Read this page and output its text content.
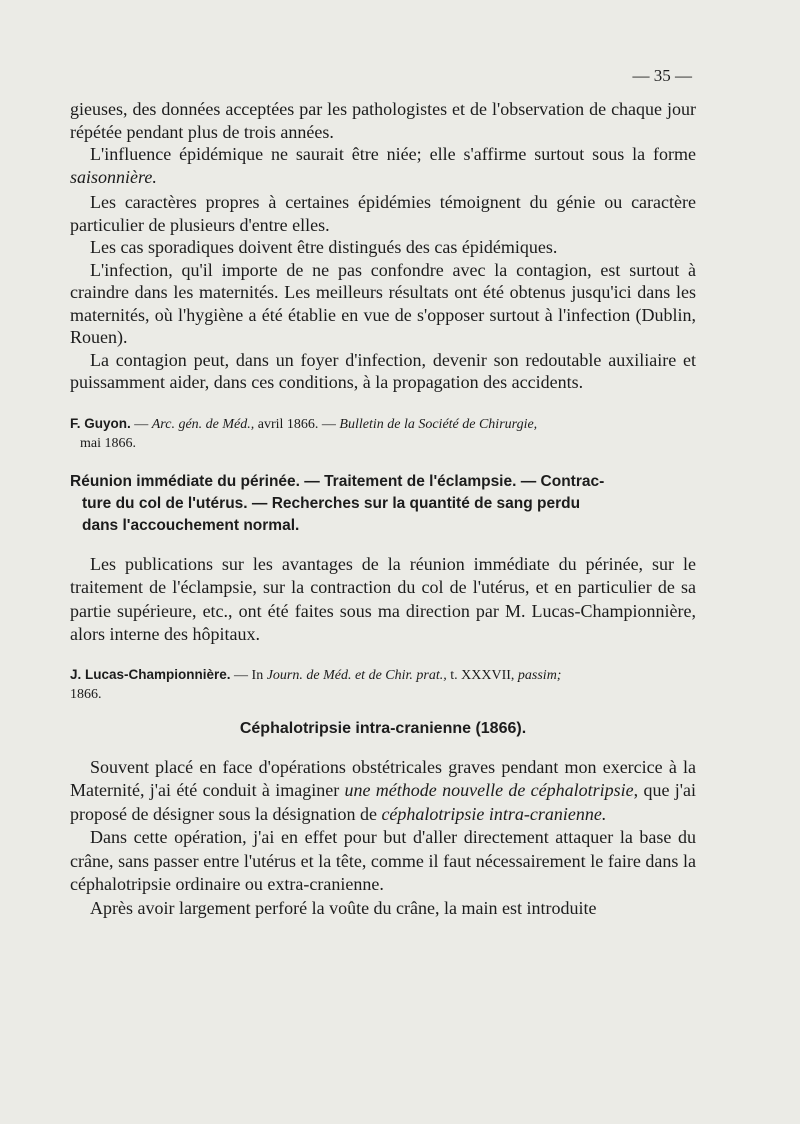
— 35 —

gieuses, des données acceptées par les pathologistes et de l'observation de chaque jour répétée pendant plus de trois années.

L'influence épidémique ne saurait être niée; elle s'affirme surtout sous la forme saisonnière.

Les caractères propres à certaines épidémies témoignent du génie ou caractère particulier de plusieurs d'entre elles.

Les cas sporadiques doivent être distingués des cas épidémiques.

L'infection, qu'il importe de ne pas confondre avec la contagion, est surtout à craindre dans les maternités. Les meilleurs résultats ont été obtenus jusqu'ici dans les maternités, où l'hygiène a été établie en vue de s'opposer surtout à l'infection (Dublin, Rouen).

La contagion peut, dans un foyer d'infection, devenir son redoutable auxiliaire et puissamment aider, dans ces conditions, à la propagation des accidents.

F. Guyon. — Arc. gén. de Méd., avril 1866. — Bulletin de la Société de Chirurgie,
mai 1866.
Réunion immédiate du périnée. — Traitement de l'éclampsie. — Contrac-
ture du col de l'utérus. — Recherches sur la quantité de sang perdu
dans l'accouchement normal.

Les publications sur les avantages de la réunion immédiate du périnée, sur le traitement de l'éclampsie, sur la contraction du col de l'utérus, et en particulier de sa partie supérieure, etc., ont été faites sous ma direction par M. Lucas-Championnière, alors interne des hôpitaux.

J. Lucas-Championnière. — In Journ. de Méd. et de Chir. prat., t. XXXVII, passim;
1866.
Céphalotripsie intra-cranienne (1866).

Souvent placé en face d'opérations obstétricales graves pendant mon exercice à la Maternité, j'ai été conduit à imaginer une méthode nouvelle de céphalotripsie, que j'ai proposé de désigner sous la désignation de céphalotripsie intra-cranienne.

Dans cette opération, j'ai en effet pour but d'aller directement attaquer la base du crâne, sans passer entre l'utérus et la tête, comme il faut nécessairement le faire dans la céphalotripsie ordinaire ou extra-cranienne.

Après avoir largement perforé la voûte du crâne, la main est introduite
